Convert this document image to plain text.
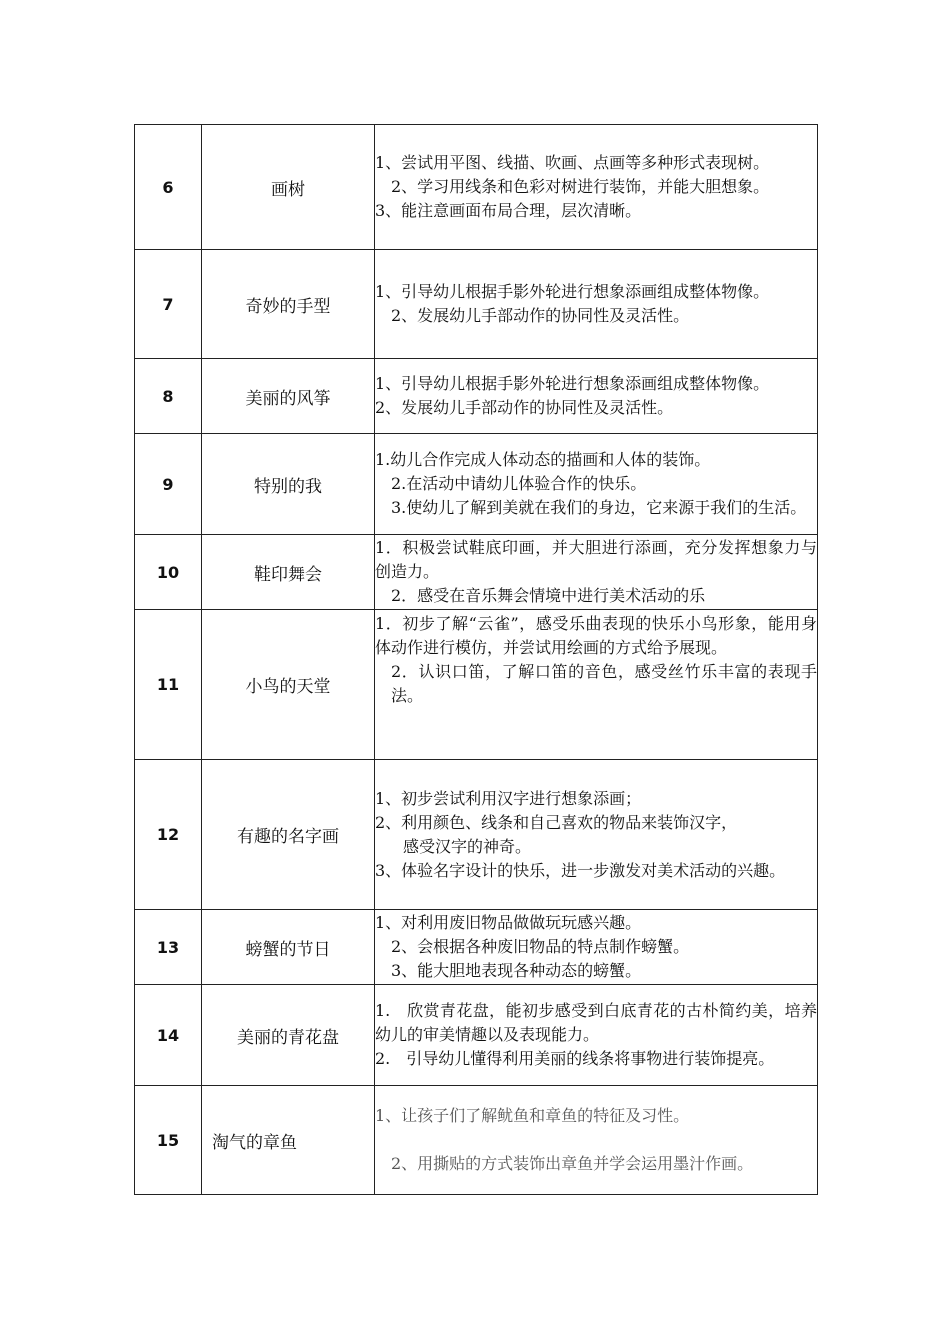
6	画树	1、尝试用平图、线描、吹画、点画等多种形式表现树。
2、学习用线条和色彩对树进行装饰，并能大胆想象。
3、能注意画面布局合理，层次清晰。

7	奇妙的手型	1、引导幼儿根据手影外轮进行想象添画组成整体物像。
2、发展幼儿手部动作的协同性及灵活性。

8	美丽的风筝	1、引导幼儿根据手影外轮进行想象添画组成整体物像。
2、发展幼儿手部动作的协同性及灵活性。

9	特别的我	1.幼儿合作完成人体动态的描画和人体的装饰。
2.在活动中请幼儿体验合作的快乐。
3.使幼儿了解到美就在我们的身边，它来源于我们的生活。

10	鞋印舞会	1．积极尝试鞋底印画，并大胆进行添画，充分发挥想象力与创造力。
2．感受在音乐舞会情境中进行美术活动的乐

11	小鸟的天堂	1．初步了解“云雀”，感受乐曲表现的快乐小鸟形象，能用身体动作进行模仿，并尝试用绘画的方式给予展现。
2．认识口笛，了解口笛的音色，感受丝竹乐丰富的表现手法。

12	有趣的名字画	1、初步尝试利用汉字进行想象添画；
2、利用颜色、线条和自己喜欢的物品来装饰汉字，
感受汉字的神奇。
3、体验名字设计的快乐，进一步激发对美术活动的兴趣。

13	螃蟹的节日	1、对利用废旧物品做做玩玩感兴趣。
2、会根据各种废旧物品的特点制作螃蟹。
3、能大胆地表现各种动态的螃蟹。

14	美丽的青花盘	1.　欣赏青花盘，能初步感受到白底青花的古朴简约美，培养幼儿的审美情趣以及表现能力。
2.　引导幼儿懂得利用美丽的线条将事物进行装饰提亮。

15	淘气的章鱼	1、让孩子们了解鱿鱼和章鱼的特征及习性。
2、用撕贴的方式装饰出章鱼并学会运用墨汁作画。
